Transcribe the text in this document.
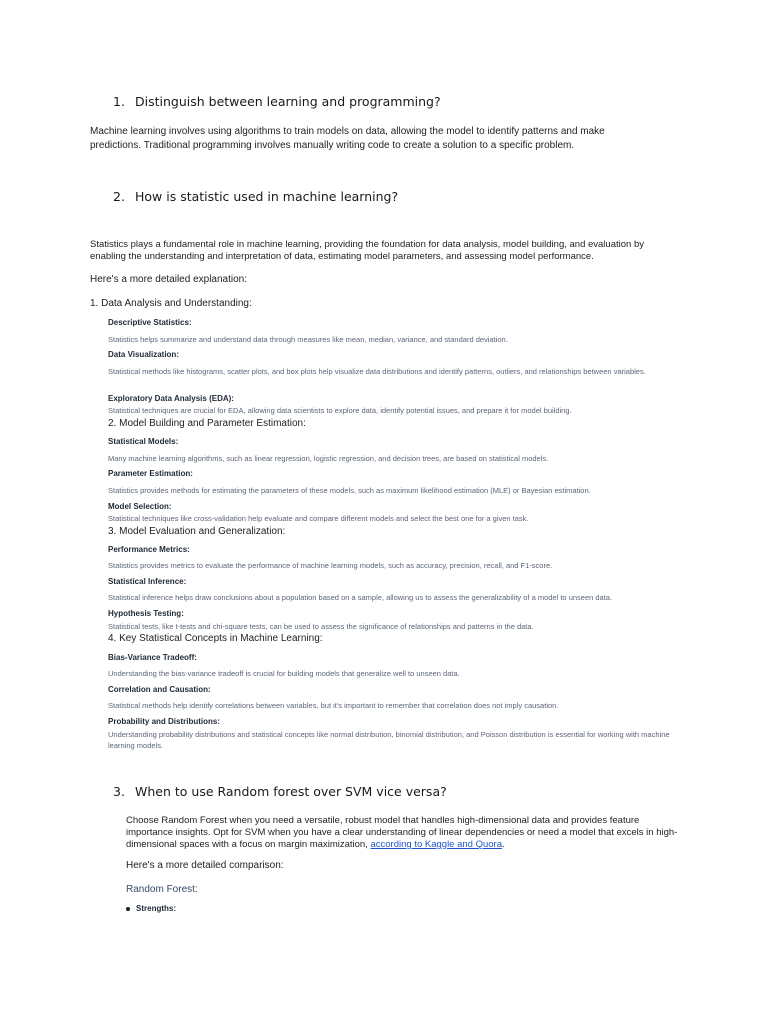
1. Distinguish between learning and programming?

Machine learning involves using algorithms to train models on data, allowing the model to identify patterns and make predictions. Traditional programming involves manually writing code to create a solution to a specific problem.

2. How is statistic used in machine learning?

Statistics plays a fundamental role in machine learning, providing the foundation for data analysis, model building, and evaluation by enabling the understanding and interpretation of data, estimating model parameters, and assessing model performance.

Here's a more detailed explanation:

1. Data Analysis and Understanding:
Descriptive Statistics:
Statistics helps summarize and understand data through measures like mean, median, variance, and standard deviation.
Data Visualization:
Statistical methods like histograms, scatter plots, and box plots help visualize data distributions and identify patterns, outliers, and relationships between variables.
Exploratory Data Analysis (EDA):
Statistical techniques are crucial for EDA, allowing data scientists to explore data, identify potential issues, and prepare it for model building.
2. Model Building and Parameter Estimation:
Statistical Models:
Many machine learning algorithms, such as linear regression, logistic regression, and decision trees, are based on statistical models.
Parameter Estimation:
Statistics provides methods for estimating the parameters of these models, such as maximum likelihood estimation (MLE) or Bayesian estimation.
Model Selection:
Statistical techniques like cross-validation help evaluate and compare different models and select the best one for a given task.
3. Model Evaluation and Generalization:
Performance Metrics:
Statistics provides metrics to evaluate the performance of machine learning models, such as accuracy, precision, recall, and F1-score.
Statistical Inference:
Statistical inference helps draw conclusions about a population based on a sample, allowing us to assess the generalizability of a model to unseen data.
Hypothesis Testing:
Statistical tests, like t-tests and chi-square tests, can be used to assess the significance of relationships and patterns in the data.
4. Key Statistical Concepts in Machine Learning:
Bias-Variance Tradeoff:
Understanding the bias-variance tradeoff is crucial for building models that generalize well to unseen data.
Correlation and Causation:
Statistical methods help identify correlations between variables, but it's important to remember that correlation does not imply causation.
Probability and Distributions:
Understanding probability distributions and statistical concepts like normal distribution, binomial distribution, and Poisson distribution is essential for working with machine learning models.
3. When to use Random forest over SVM vice versa?

Choose Random Forest when you need a versatile, robust model that handles high-dimensional data and provides feature importance insights. Opt for SVM when you have a clear understanding of linear dependencies or need a model that excels in high-dimensional spaces with a focus on margin maximization, according to Kaggle and Quora.

Here's a more detailed comparison:

Random Forest:
Strengths:
